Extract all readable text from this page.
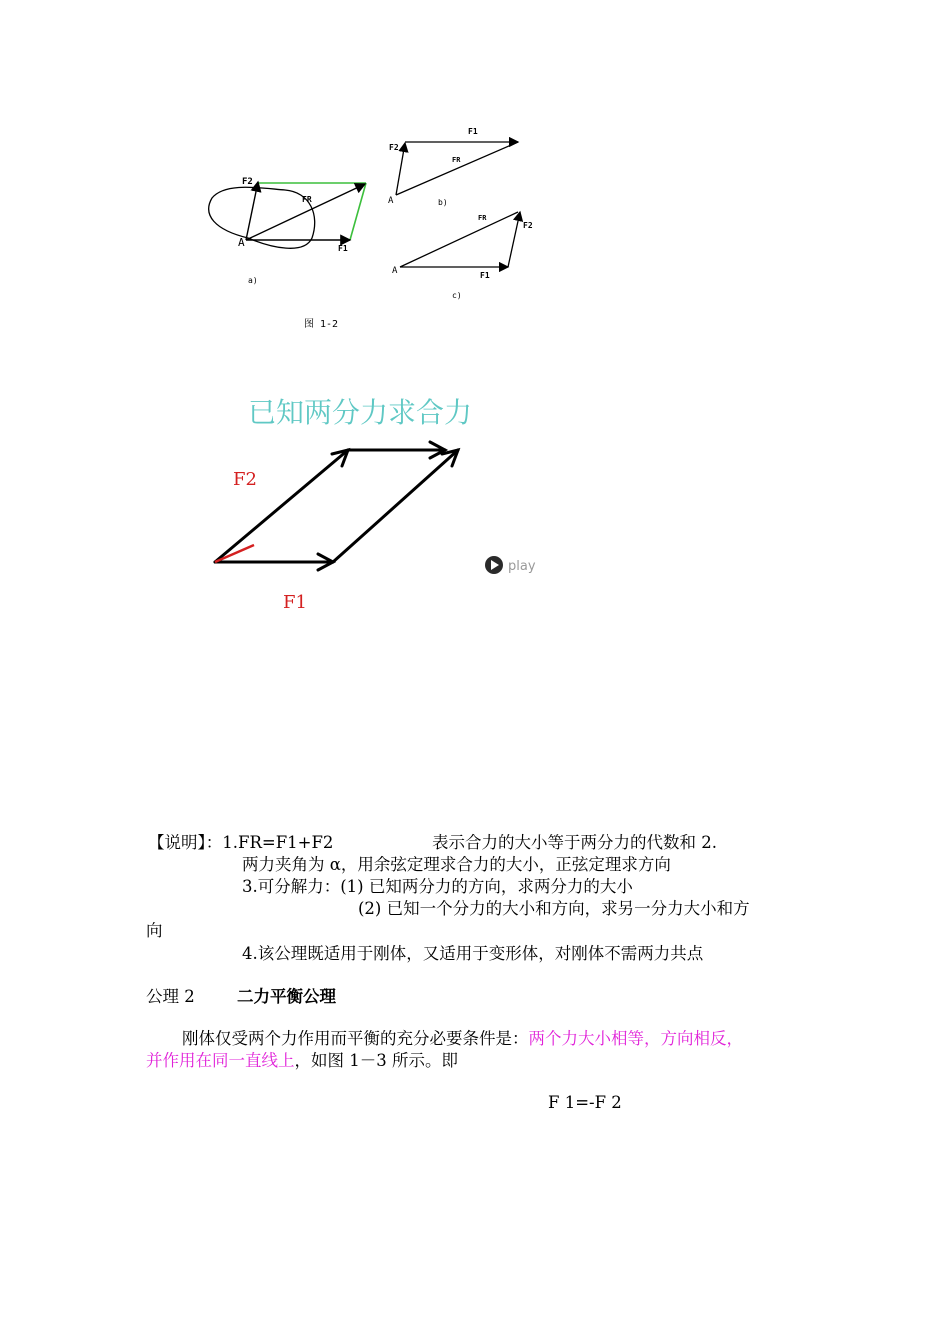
F2
FR
F1
A
a)
F2
F1
FR
A	b)
FR
F2
F1
A
c)
图 1-2
已知两分力求合力
F2
F1
play
【说明】：1.FR=F1+F2	表示合力的大小等于两分力的代数和 2.
两力夹角为 α，用余弦定理求合力的大小，正弦定理求方向
3.可分解力：(1) 已知两分力的方向，求两分力的大小
(2) 已知一个分力的大小和方向，求另一分力大小和方
向
4.该公理既适用于刚体，又适用于变形体，对刚体不需两力共点
公理 2	二力平衡公理
刚体仅受两个力作用而平衡的充分必要条件是：两个力大小相等，方向相反，
并作用在同一直线上，如图 1－3 所示。即
F 1=-F 2
